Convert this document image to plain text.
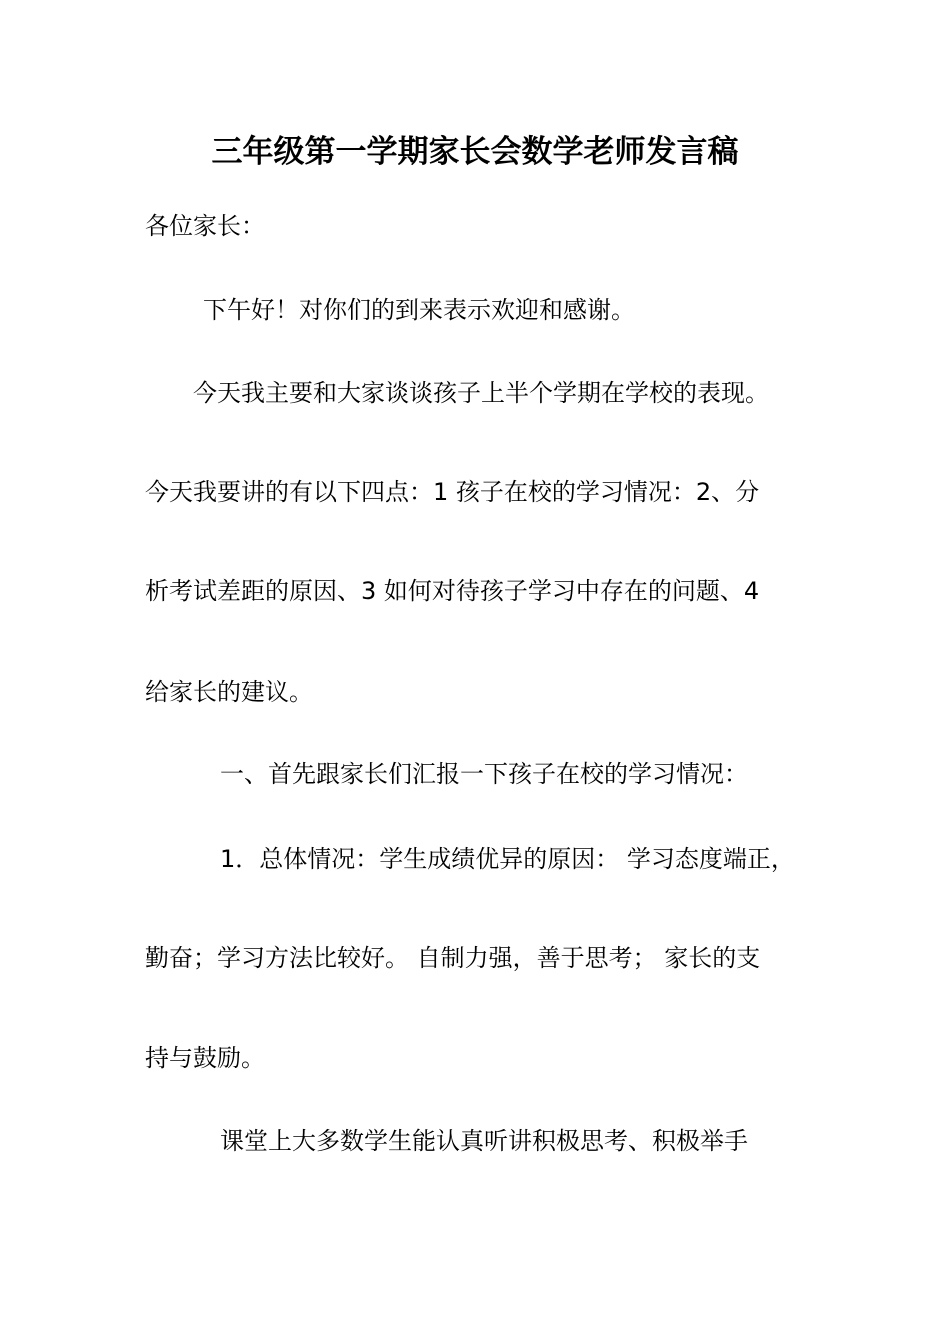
三年级第一学期家长会数学老师发言稿
各位家长：
下午好！对你们的到来表示欢迎和感谢。
今天我主要和大家谈谈孩子上半个学期在学校的表现。
今天我要讲的有以下四点：1 孩子在校的学习情况：2、分
析考试差距的原因、3 如何对待孩子学习中存在的问题、4
给家长的建议。
一、首先跟家长们汇报一下孩子在校的学习情况：
1．总体情况：学生成绩优异的原因： 学习态度端正，
勤奋；学习方法比较好。 自制力强，善于思考； 家长的支
持与鼓励。
课堂上大多数学生能认真听讲积极思考、积极举手
